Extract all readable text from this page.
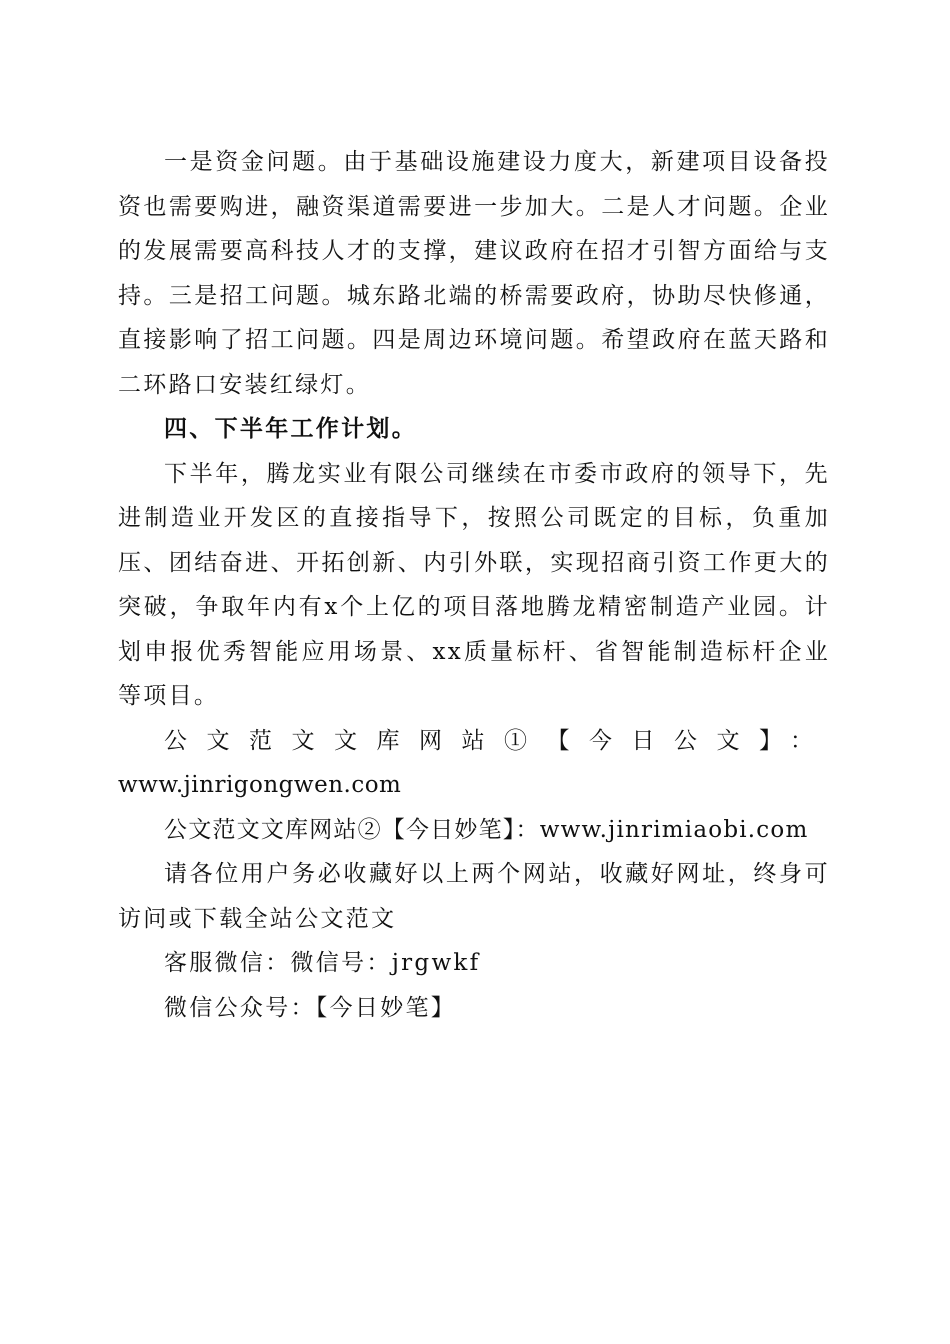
一是资金问题。由于基础设施建设力度大，新建项目设备投资也需要购进，融资渠道需要进一步加大。二是人才问题。企业的发展需要高科技人才的支撑，建议政府在招才引智方面给与支持。三是招工问题。城东路北端的桥需要政府，协助尽快修通，直接影响了招工问题。四是周边环境问题。希望政府在蓝天路和二环路口安装红绿灯。

四、下半年工作计划。

下半年，腾龙实业有限公司继续在市委市政府的领导下，先进制造业开发区的直接指导下，按照公司既定的目标，负重加压、团结奋进、开拓创新、内引外联，实现招商引资工作更大的突破，争取年内有x个上亿的项目落地腾龙精密制造产业园。计划申报优秀智能应用场景、xx质量标杆、省智能制造标杆企业等项目。

公文范文文库网站①【今日公文】：

www.jinrigongwen.com

公文范文文库网站②【今日妙笔】：www.jinrimiaobi.com

请各位用户务必收藏好以上两个网站，收藏好网址，终身可访问或下载全站公文范文

客服微信：微信号：jrgwkf

微信公众号：【今日妙笔】
